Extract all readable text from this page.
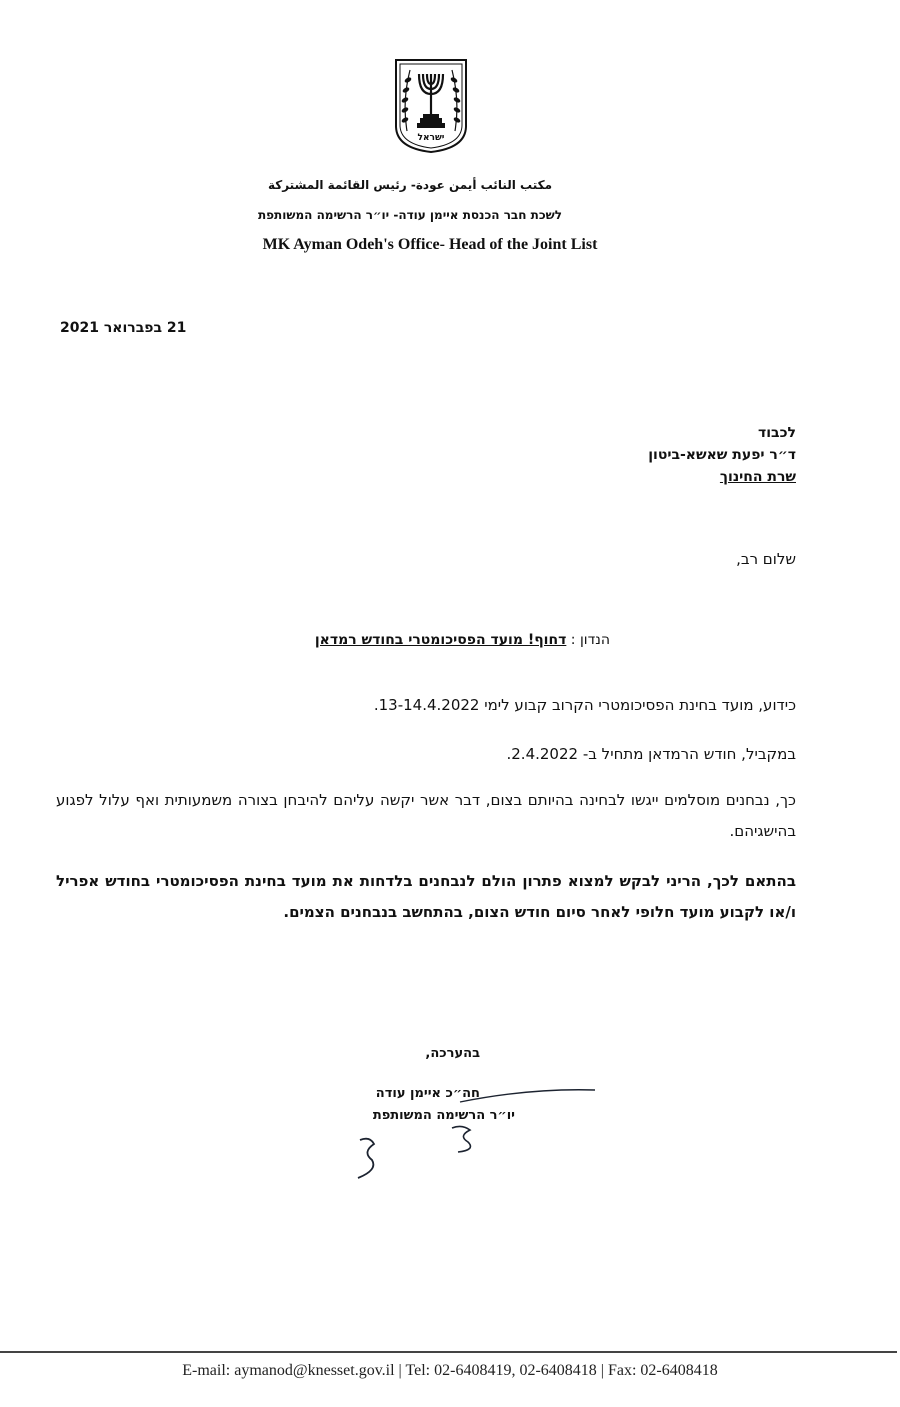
ישראל
مكتب النائب أيمن عودة- رئيس القائمة المشتركة
לשכת חבר הכנסת איימן עודה- יו״ר הרשימה המשותפת
MK Ayman Odeh's Office- Head of the Joint List
21 בפברואר 2021
לכבוד
ד״ר יפעת שאשא-ביטון
שרת החינוך
שלום רב,
הנדון : דחוף! מועד הפסיכומטרי בחודש רמדאן
כידוע, מועד בחינת הפסיכומטרי הקרוב קבוע לימי 13-14.4.2022.
במקביל, חודש הרמדאן מתחיל ב- 2.4.2022.
כך, נבחנים מוסלמים ייגשו לבחינה בהיותם בצום, דבר אשר יקשה עליהם להיבחן בצורה משמעותית ואף עלול לפגוע בהישגיהם.
בהתאם לכך, הריני לבקש למצוא פתרון הולם לנבחנים בלדחות את מועד בחינת הפסיכומטרי בחודש אפריל ו/או לקבוע מועד חלופי לאחר סיום חודש הצום, בהתחשב בנבחנים הצמים.
בהערכה,
חה״כ איימן עודה
יו״ר הרשימה המשותפת
E-mail: aymanod@knesset.gov.il | Tel: 02-6408419, 02-6408418 | Fax: 02-6408418
